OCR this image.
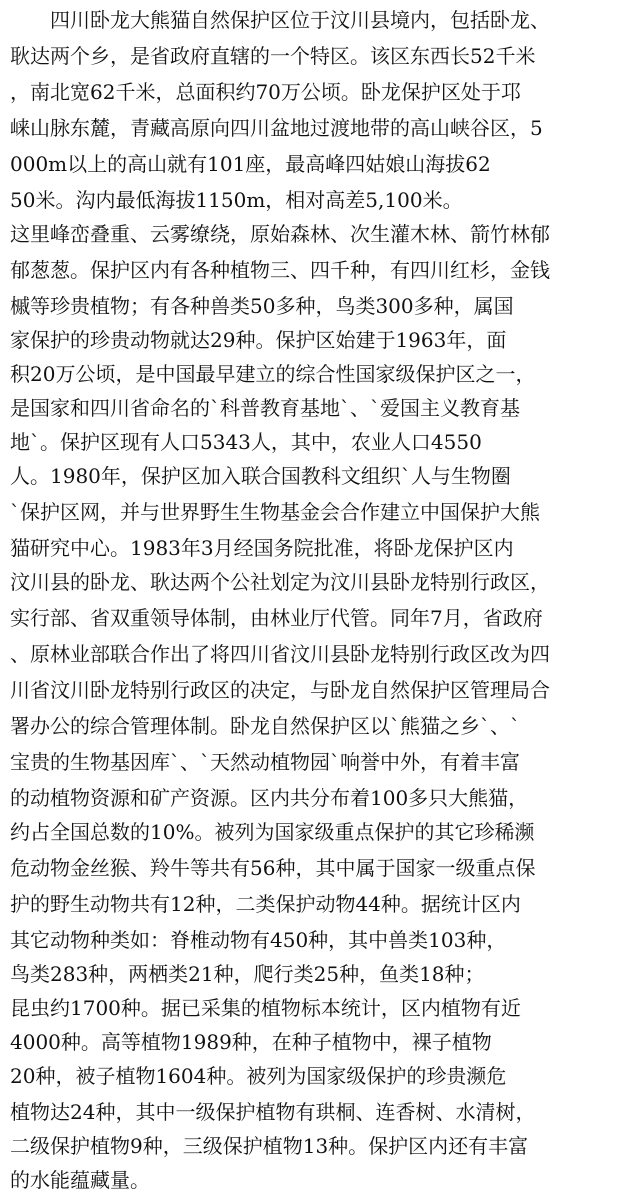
　　四川卧龙大熊猫自然保护区位于汶川县境内，包括卧龙、
耿达两个乡，是省政府直辖的一个特区。该区东西长52千米
，南北宽62千米，总面积约70万公顷。卧龙保护区处于邛
崃山脉东麓，青藏高原向四川盆地过渡地带的高山峡谷区，5
000m以上的高山就有101座，最高峰四姑娘山海拔62
50米。沟内最低海拔1150m，相对高差5,100米。
这里峰峦叠重、云雾缭绕，原始森林、次生灌木林、箭竹林郁
郁葱葱。保护区内有各种植物三、四千种，有四川红杉，金钱
槭等珍贵植物；有各种兽类50多种，鸟类300多种，属国
家保护的珍贵动物就达29种。保护区始建于1963年，面
积20万公顷，是中国最早建立的综合性国家级保护区之一，
是国家和四川省命名的`科普教育基地`、`爱国主义教育基
地`。保护区现有人口5343人，其中，农业人口4550
人。1980年，保护区加入联合国教科文组织`人与生物圈
`保护区网，并与世界野生生物基金会合作建立中国保护大熊
猫研究中心。1983年3月经国务院批准，将卧龙保护区内
汶川县的卧龙、耿达两个公社划定为汶川县卧龙特别行政区，
实行部、省双重领导体制，由林业厅代管。同年7月，省政府
、原林业部联合作出了将四川省汶川县卧龙特别行政区改为四
川省汶川卧龙特别行政区的决定，与卧龙自然保护区管理局合
署办公的综合管理体制。卧龙自然保护区以`熊猫之乡`、`
宝贵的生物基因库`、`天然动植物园`响誉中外，有着丰富
的动植物资源和矿产资源。区内共分布着100多只大熊猫，
约占全国总数的10%。被列为国家级重点保护的其它珍稀濒
危动物金丝猴、羚牛等共有56种，其中属于国家一级重点保
护的野生动物共有12种，二类保护动物44种。据统计区内
其它动物种类如：脊椎动物有450种，其中兽类103种，
鸟类283种，两栖类21种，爬行类25种，鱼类18种；
昆虫约1700种。据已采集的植物标本统计，区内植物有近
4000种。高等植物1989种，在种子植物中，裸子植物
20种，被子植物1604种。被列为国家级保护的珍贵濒危
植物达24种，其中一级保护植物有珙桐、连香树、水清树，
二级保护植物9种，三级保护植物13种。保护区内还有丰富
的水能蕴藏量。
